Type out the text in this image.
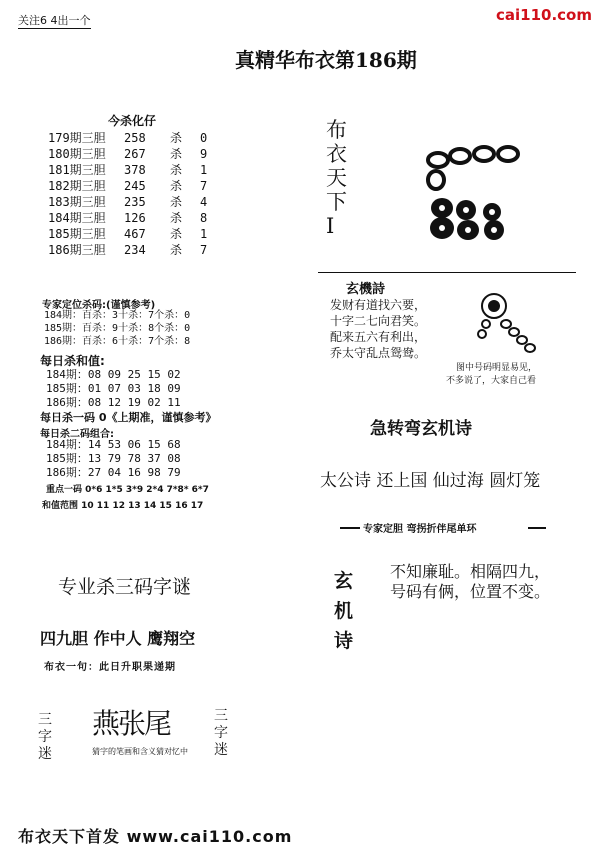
关注6 4出一个	cai110.com
真精华布衣第186期
今杀化仔
179期三胆	258	杀	0
180期三胆	267	杀	9
181期三胆	378	杀	1
182期三胆	245	杀	7
183期三胆	235	杀	4
184期三胆	126	杀	8
185期三胆	467	杀	1
186期三胆	234	杀	7
专家定位杀码:(谨慎参考)
184期：百杀：3十杀：7个杀：0
185期：百杀：9十杀：8个杀：0
186期：百杀：6十杀：7个杀：8
每日杀和值:
184期：08 09 25 15 02
185期：01 07 03 18 09
186期：08 12 19 02 11
每日杀一码 0《上期准，谨慎参考》
每日杀二码组合:
184期：14 53 06 15 68
185期：13 79 78 37 08
186期：27 04 16 98 79
重点一码 0*6 1*5 3*9 2*4 7*8* 6*7
和值范围 10 11 12 13 14 15 16 17
专业杀三码字谜
四九胆 作中人 鹰翔空
布衣一句：此日升职果递期
三字迷
燕张尾	三字迷
猜字的笔画和含义猜对忆中
布
衣
天
下
I
玄機詩
发财有道找六要，
十字二七向君笑。
配来五六有利出，
乔太守乱点鸳鸯。
图中号码明显易见，
不多说了，大家自己看
急转弯玄机诗
太公诗 还上国 仙过海 圆灯笼
专家定胆 弯拐折伴尾单环
玄
机
诗
不知廉耻。相隔四九，
号码有俩，位置不变。
布衣天下首发 www.cai110.com
